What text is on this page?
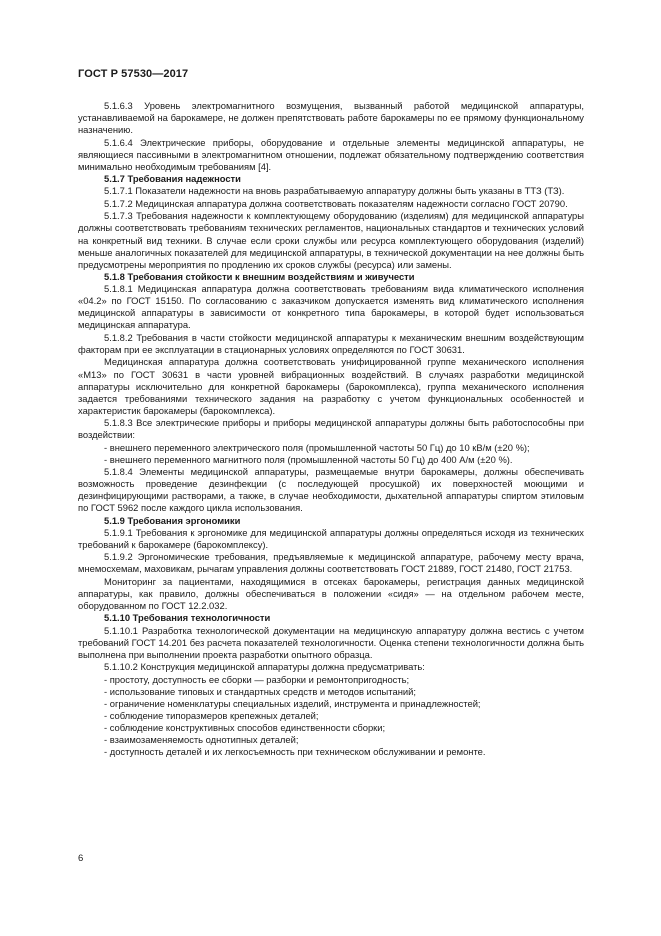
ГОСТ Р 57530—2017

5.1.6.3 Уровень электромагнитного возмущения, вызванный работой медицинской аппаратуры, устанавливаемой на барокамере, не должен препятствовать работе барокамеры по ее прямому функциональному назначению.

5.1.6.4 Электрические приборы, оборудование и отдельные элементы медицинской аппаратуры, не являющиеся пассивными в электромагнитном отношении, подлежат обязательному подтверждению соответствия минимально необходимым требованиям [4].

5.1.7 Требования надежности

5.1.7.1 Показатели надежности на вновь разрабатываемую аппаратуру должны быть указаны в ТТЗ (ТЗ).

5.1.7.2 Медицинская аппаратура должна соответствовать показателям надежности согласно ГОСТ 20790.

5.1.7.3 Требования надежности к комплектующему оборудованию (изделиям) для медицинской аппаратуры должны соответствовать требованиям технических регламентов, национальных стандартов и технических условий на конкретный вид техники. В случае если сроки службы или ресурса комплектующего оборудования (изделий) меньше аналогичных показателей для медицинской аппаратуры, в технической документации на нее должны быть предусмотрены мероприятия по продлению их сроков службы (ресурса) или замены.

5.1.8 Требования стойкости к внешним воздействиям и живучести

5.1.8.1 Медицинская аппаратура должна соответствовать требованиям вида климатического исполнения «04.2» по ГОСТ 15150. По согласованию с заказчиком допускается изменять вид климатического исполнения медицинской аппаратуры в зависимости от конкретного типа барокамеры, в которой будет использоваться медицинская аппаратура.

5.1.8.2 Требования в части стойкости медицинской аппаратуры к механическим внешним воздействующим факторам при ее эксплуатации в стационарных условиях определяются по ГОСТ 30631.

Медицинская аппаратура должна соответствовать унифицированной группе механического исполнения «М13» по ГОСТ 30631 в части уровней вибрационных воздействий. В случаях разработки медицинской аппаратуры исключительно для конкретной барокамеры (барокомплекса), группа механического исполнения задается требованиями технического задания на разработку с учетом функциональных особенностей и характеристик барокамеры (барокомплекса).

5.1.8.3 Все электрические приборы и приборы медицинской аппаратуры должны быть работоспособны при воздействии:

- внешнего переменного электрического поля (промышленной частоты 50 Гц) до 10 кВ/м (±20 %);

- внешнего переменного магнитного поля (промышленной частоты 50 Гц) до 400 А/м (±20 %).

5.1.8.4 Элементы медицинской аппаратуры, размещаемые внутри барокамеры, должны обеспечивать возможность проведение дезинфекции (с последующей просушкой) их поверхностей моющими и дезинфицирующими растворами, а также, в случае необходимости, дыхательной аппаратуры спиртом этиловым по ГОСТ 5962 после каждого цикла использования.

5.1.9 Требования эргономики

5.1.9.1 Требования к эргономике для медицинской аппаратуры должны определяться исходя из технических требований к барокамере (барокомплексу).

5.1.9.2 Эргономические требования, предъявляемые к медицинской аппаратуре, рабочему месту врача, мнемосхемам, маховикам, рычагам управления должны соответствовать ГОСТ 21889, ГОСТ 21480, ГОСТ 21753.

Мониторинг за пациентами, находящимися в отсеках барокамеры, регистрация данных медицинской аппаратуры, как правило, должны обеспечиваться в положении «сидя» — на отдельном рабочем месте, оборудованном по ГОСТ 12.2.032.

5.1.10 Требования технологичности

5.1.10.1 Разработка технологической документации на медицинскую аппаратуру должна вестись с учетом требований ГОСТ 14.201 без расчета показателей технологичности. Оценка степени технологичности должна быть выполнена при выполнении проекта разработки опытного образца.

5.1.10.2 Конструкция медицинской аппаратуры должна предусматривать:

- простоту, доступность ее сборки — разборки и ремонтопригодность;

- использование типовых и стандартных средств и методов испытаний;

- ограничение номенклатуры специальных изделий, инструмента и принадлежностей;

- соблюдение типоразмеров крепежных деталей;

- соблюдение конструктивных способов единственности сборки;

- взаимозаменяемость однотипных деталей;

- доступность деталей и их легкосъемность при техническом обслуживании и ремонте.

6
